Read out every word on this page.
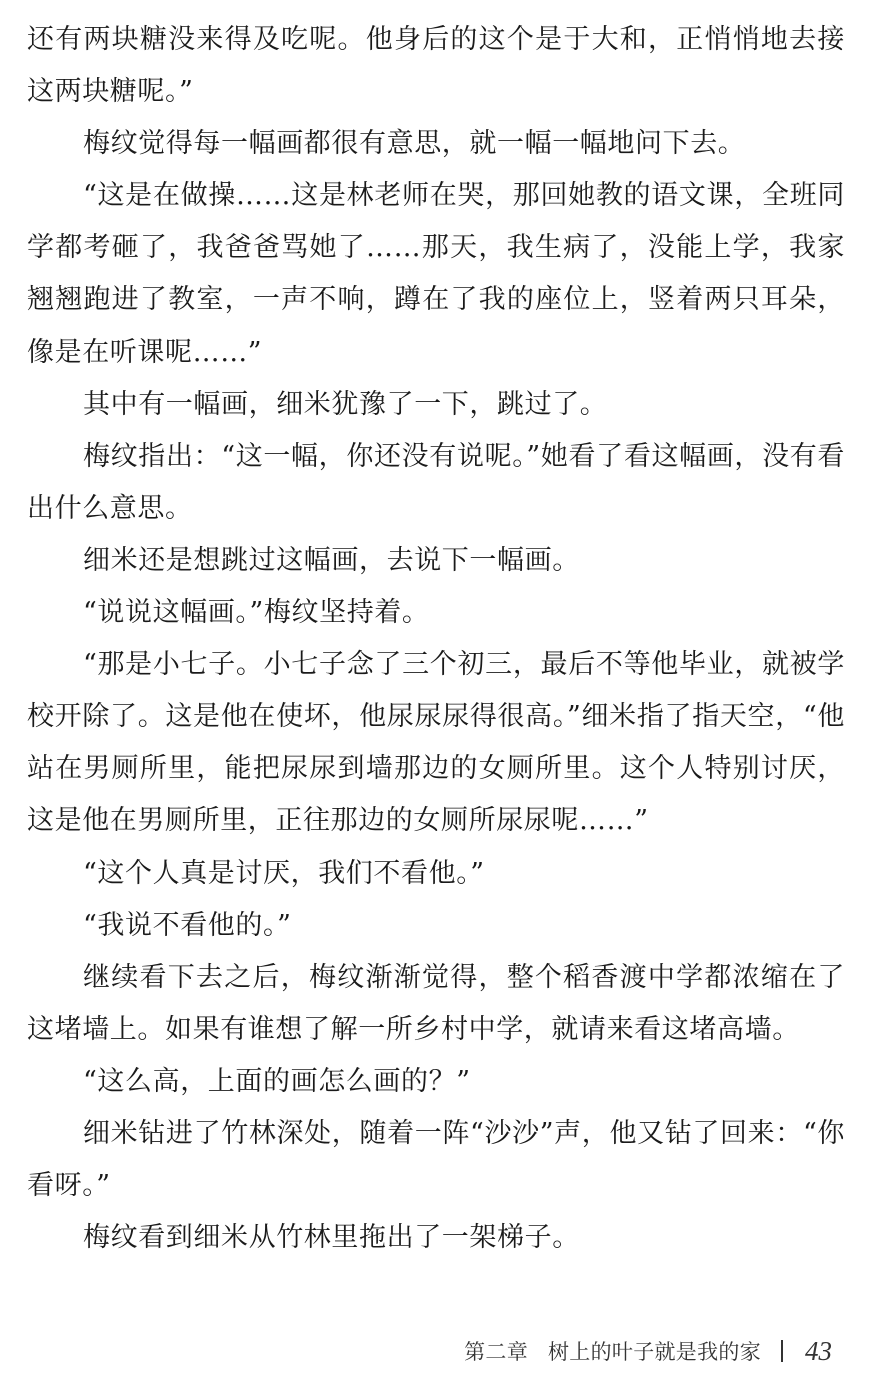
还有两块糖没来得及吃呢。他身后的这个是于大和，正悄悄地去接这两块糖呢。”

梅纹觉得每一幅画都很有意思，就一幅一幅地问下去。

“这是在做操……这是林老师在哭，那回她教的语文课，全班同学都考砸了，我爸爸骂她了……那天，我生病了，没能上学，我家翘翘跑进了教室，一声不响，蹲在了我的座位上，竖着两只耳朵，像是在听课呢……”

其中有一幅画，细米犹豫了一下，跳过了。

梅纹指出：“这一幅，你还没有说呢。”她看了看这幅画，没有看出什么意思。

细米还是想跳过这幅画，去说下一幅画。

“说说这幅画。”梅纹坚持着。

“那是小七子。小七子念了三个初三，最后不等他毕业，就被学校开除了。这是他在使坏，他尿尿尿得很高。”细米指了指天空，“他站在男厕所里，能把尿尿到墙那边的女厕所里。这个人特别讨厌，这是他在男厕所里，正往那边的女厕所尿尿呢……”

“这个人真是讨厌，我们不看他。”

“我说不看他的。”

继续看下去之后，梅纹渐渐觉得，整个稻香渡中学都浓缩在了这堵墙上。如果有谁想了解一所乡村中学，就请来看这堵高墙。

“这么高，上面的画怎么画的？”

细米钻进了竹林深处，随着一阵“沙沙”声，他又钻了回来：“你看呀。”

梅纹看到细米从竹林里拖出了一架梯子。

第二章 树上的叶子就是我的家 43
